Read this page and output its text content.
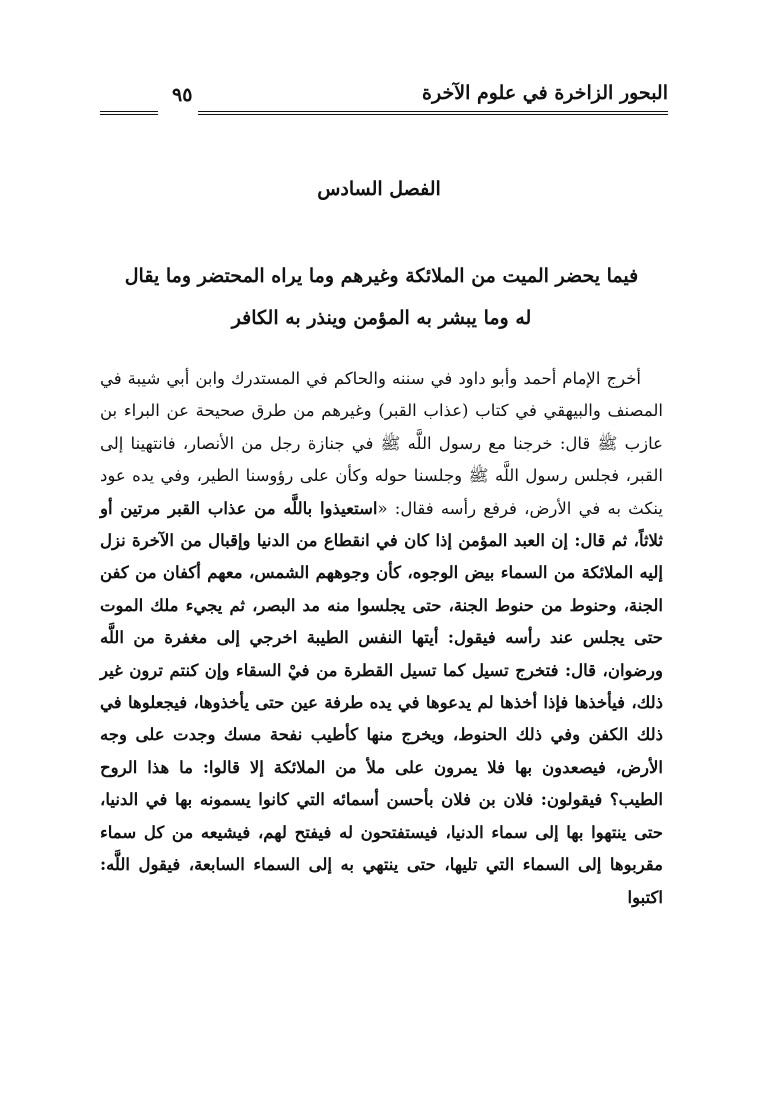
البحور الزاخرة في علوم الآخرة
٩٥
الفصل السادس
فيما يحضر الميت من الملائكة وغيرهم وما يراه المحتضر وما يقال
له وما يبشر به المؤمن وينذر به الكافر

أخرج الإمام أحمد وأبو داود في سننه والحاكم في المستدرك وابن أبي شيبة في المصنف والبيهقي في كتاب (عذاب القبر) وغيرهم من طرق صحيحة عن البراء بن عازب ﷺ قال: خرجنا مع رسول اللَّه ﷺ في جنازة رجل من الأنصار، فانتهينا إلى القبر، فجلس رسول اللَّه ﷺ وجلسنا حوله وكأن على رؤوسنا الطير، وفي يده عود ينكث به في الأرض، فرفع رأسه فقال: «استعيذوا باللَّه من عذاب القبر مرتين أو ثلاثاً، ثم قال: إن العبد المؤمن إذا كان في انقطاع من الدنيا وإقبال من الآخرة نزل إليه الملائكة من السماء بيض الوجوه، كأن وجوههم الشمس، معهم أكفان من كفن الجنة، وحنوط من حنوط الجنة، حتى يجلسوا منه مد البصر، ثم يجيء ملك الموت حتى يجلس عند رأسه فيقول: أيتها النفس الطيبة اخرجي إلى مغفرة من اللَّه ورضوان، قال: فتخرج تسيل كما تسيل القطرة من فيْ السقاء وإن كنتم ترون غير ذلك، فيأخذها فإذا أخذها لم يدعوها في يده طرفة عين حتى يأخذوها، فيجعلوها في ذلك الكفن وفي ذلك الحنوط، ويخرج منها كأطيب نفحة مسك وجدت على وجه الأرض، فيصعدون بها فلا يمرون على ملأ من الملائكة إلا قالوا: ما هذا الروح الطيب؟ فيقولون: فلان بن فلان بأحسن أسمائه التي كانوا يسمونه بها في الدنيا، حتى ينتهوا بها إلى سماء الدنيا، فيستفتحون له فيفتح لهم، فيشيعه من كل سماء مقربوها إلى السماء التي تليها، حتى ينتهي به إلى السماء السابعة، فيقول اللَّه: اكتبوا
